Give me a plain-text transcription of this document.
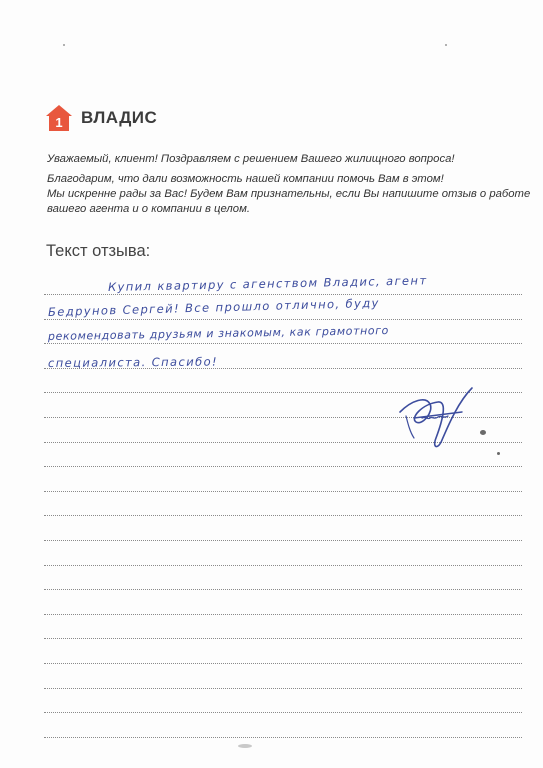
1 ВЛАДИС
Уважаемый, клиент! Поздравляем с решением Вашего жилищного вопроса!
Благодарим, что дали возможность нашей компании помочь Вам в этом!
Мы искренне рады за Вас! Будем Вам признательны, если Вы напишите отзыв о работе
вашего агента и о компании в целом.
Текст отзыва:
Купил квартиру с агенством Владис, агент
Бедрунов Сергей! Все прошло отлично, буду
рекомендовать друзьям и знакомым, как грамотного
специалиста. Спасибо!
